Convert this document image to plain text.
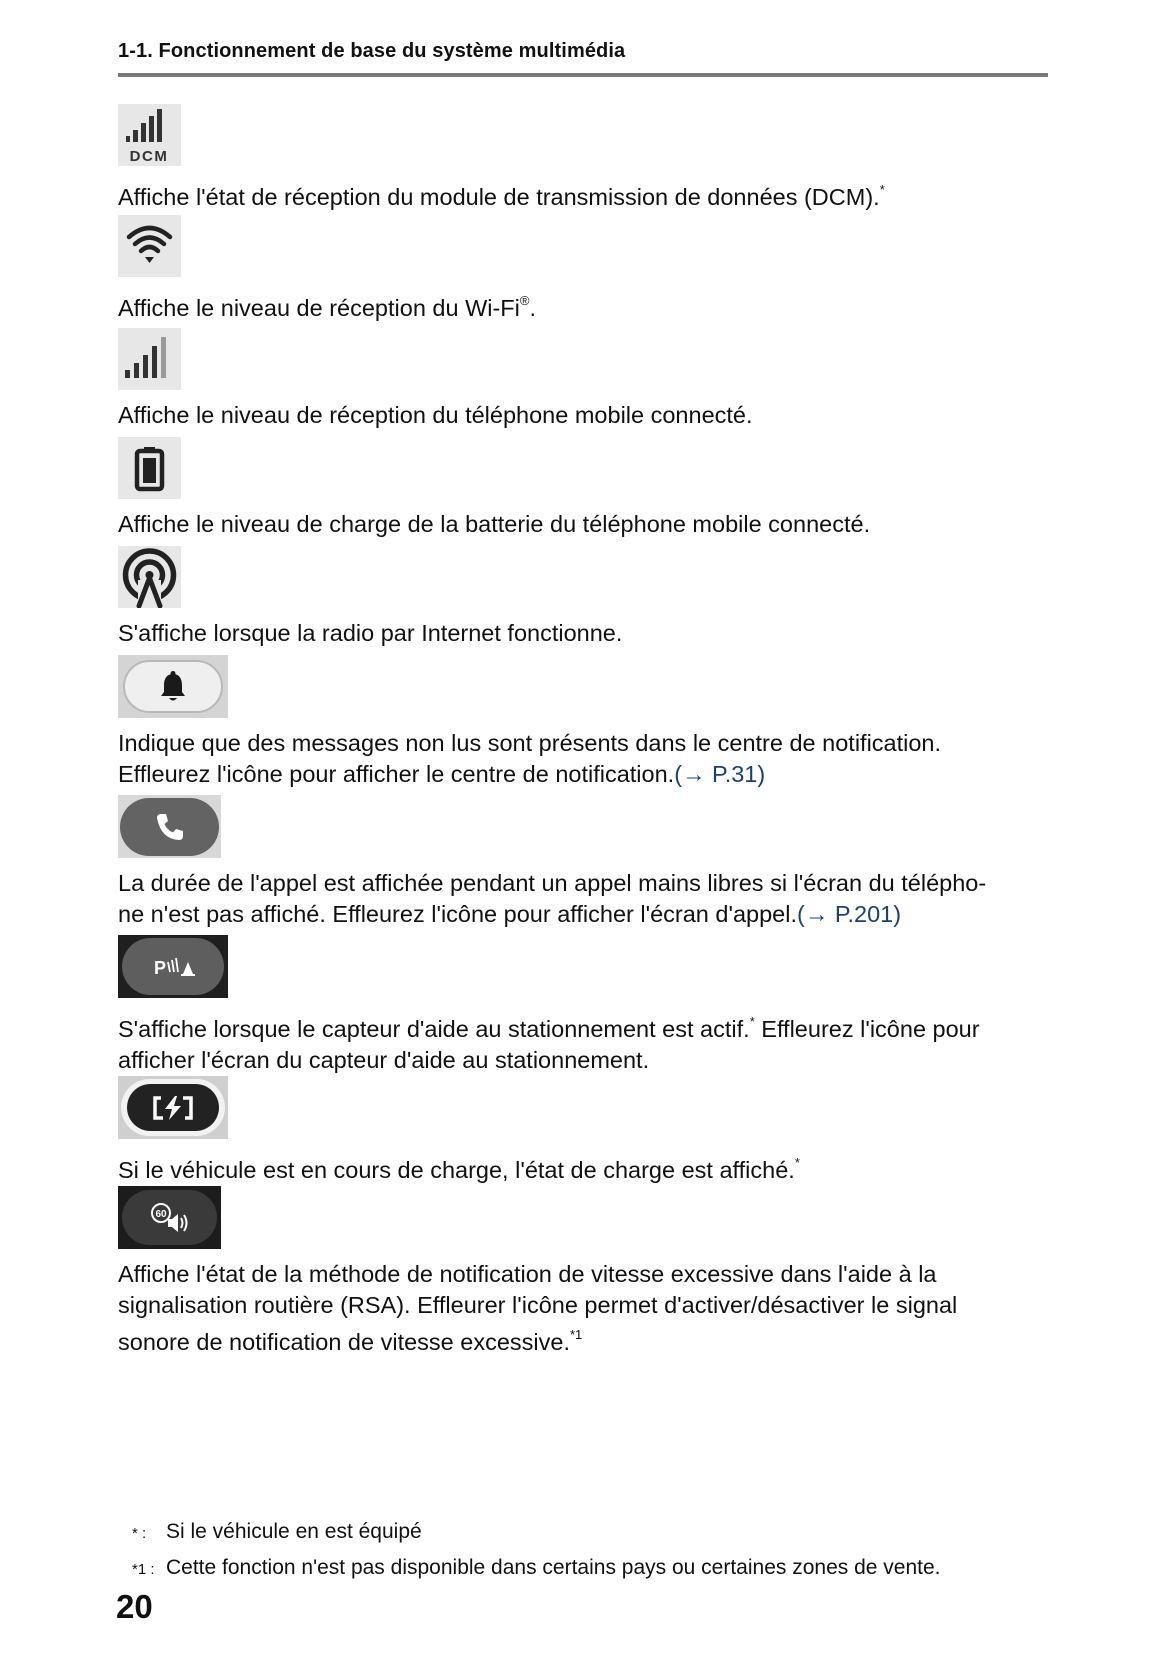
1-1. Fonctionnement de base du système multimédia
DCM
Affiche l'état de réception du module de transmission de données (DCM).*
Affiche le niveau de réception du Wi-Fi®.
Affiche le niveau de réception du téléphone mobile connecté.
Affiche le niveau de charge de la batterie du téléphone mobile connecté.
S'affiche lorsque la radio par Internet fonctionne.
Indique que des messages non lus sont présents dans le centre de notification.
Effleurez l'icône pour afficher le centre de notification.(→ P.31)
La durée de l'appel est affichée pendant un appel mains libres si l'écran du télépho-
ne n'est pas affiché. Effleurez l'icône pour afficher l'écran d'appel.(→ P.201)
P
S'affiche lorsque le capteur d'aide au stationnement est actif.* Effleurez l'icône pour
afficher l'écran du capteur d'aide au stationnement.
Si le véhicule est en cours de charge, l'état de charge est affiché.*
60
Affiche l'état de la méthode de notification de vitesse excessive dans l'aide à la
signalisation routière (RSA). Effleurer l'icône permet d'activer/désactiver le signal
sonore de notification de vitesse excessive.$^{*1}$
* : Si le véhicule en est équipé
*1 : Cette fonction n'est pas disponible dans certains pays ou certaines zones de vente.
20
